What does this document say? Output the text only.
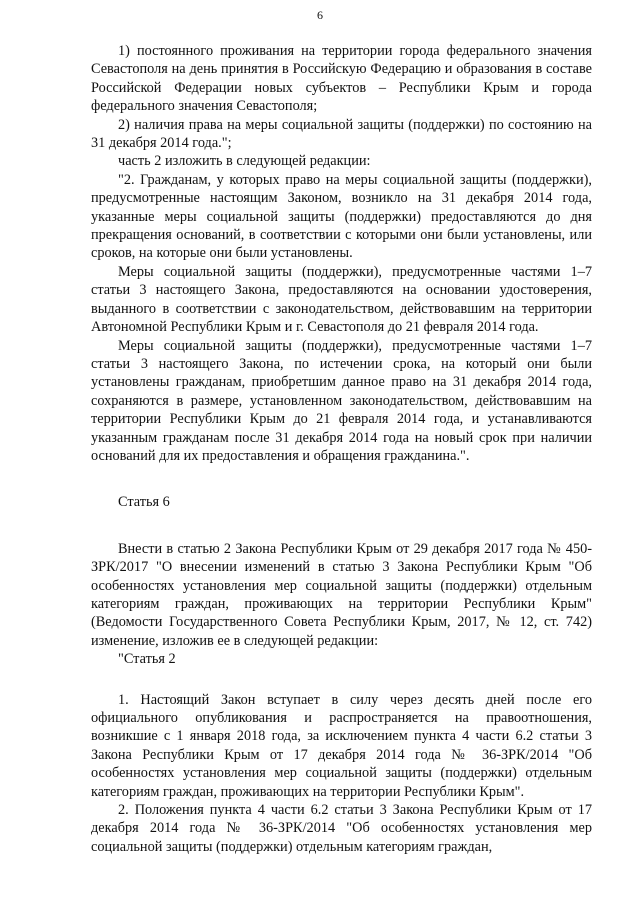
6

1) постоянного проживания на территории города федерального значения Севастополя на день принятия в Российскую Федерацию и образования в составе Российской Федерации новых субъектов – Республики Крым и города федерального значения Севастополя;

2) наличия права на меры социальной защиты (поддержки) по состоянию на 31 декабря 2014 года.";

часть 2 изложить в следующей редакции:

"2. Гражданам, у которых право на меры социальной защиты (поддержки), предусмотренные настоящим Законом, возникло на 31 декабря 2014 года, указанные меры социальной защиты (поддержки) предоставляются до дня прекращения оснований, в соответствии с которыми они были установлены, или сроков, на которые они были установлены.

Меры социальной защиты (поддержки), предусмотренные частями 1–7 статьи 3 настоящего Закона, предоставляются на основании удостоверения, выданного в соответствии с законодательством, действовавшим на территории Автономной Республики Крым и г. Севастополя до 21 февраля 2014 года.

Меры социальной защиты (поддержки), предусмотренные частями 1–7 статьи 3 настоящего Закона, по истечении срока, на который они были установлены гражданам, приобретшим данное право на 31 декабря 2014 года, сохраняются в размере, установленном законодательством, действовавшим на территории Республики Крым до 21 февраля 2014 года, и устанавливаются указанным гражданам после 31 декабря 2014 года на новый срок при наличии оснований для их предоставления и обращения гражданина.".

Статья 6

Внести в статью 2 Закона Республики Крым от 29 декабря 2017 года № 450-ЗРК/2017 "О внесении изменений в статью 3 Закона Республики Крым "Об особенностях установления мер социальной защиты (поддержки) отдельным категориям граждан, проживающих на территории Республики Крым" (Ведомости Государственного Совета Республики Крым, 2017, № 12, ст. 742) изменение, изложив ее в следующей редакции:

"Статья 2

1. Настоящий Закон вступает в силу через десять дней после его официального опубликования и распространяется на правоотношения, возникшие с 1 января 2018 года, за исключением пункта 4 части 6.2 статьи 3 Закона Республики Крым от 17 декабря 2014 года № 36-ЗРК/2014 "Об особенностях установления мер социальной защиты (поддержки) отдельным категориям граждан, проживающих на территории Республики Крым".

2. Положения пункта 4 части 6.2 статьи 3 Закона Республики Крым от 17 декабря 2014 года № 36-ЗРК/2014 "Об особенностях установления мер социальной защиты (поддержки) отдельным категориям граждан,
